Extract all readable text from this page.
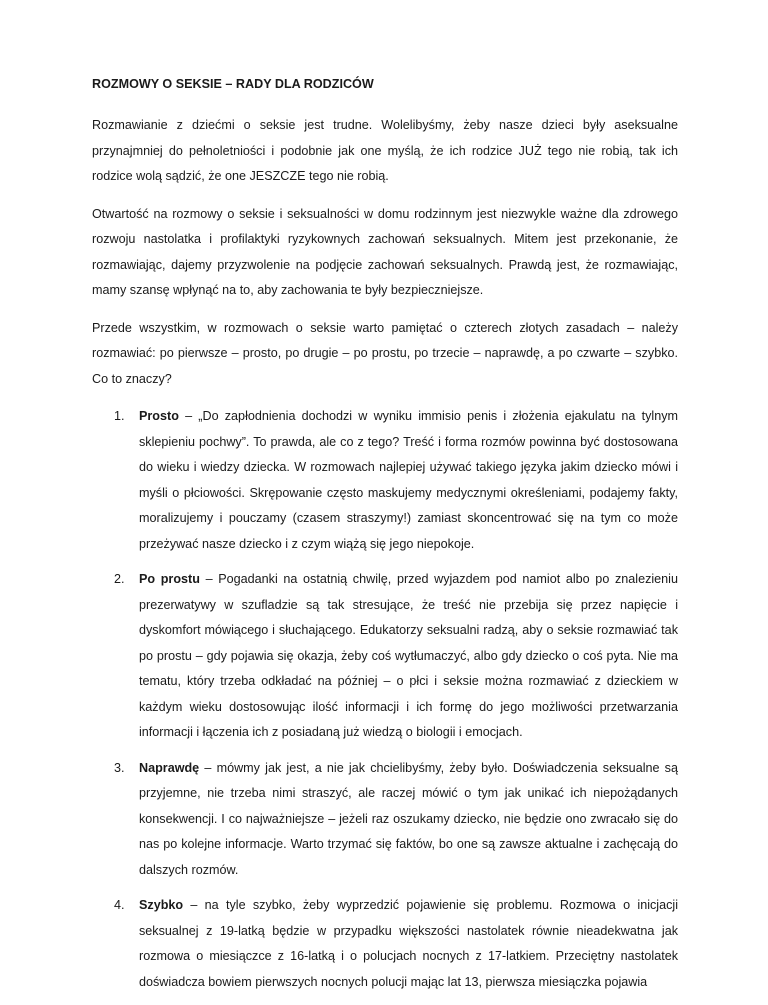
ROZMOWY O SEKSIE – RADY DLA RODZICÓW

Rozmawianie z dziećmi o seksie jest trudne. Wolelibyśmy, żeby nasze dzieci były aseksualne przynajmniej do pełnoletniości i podobnie jak one myślą, że ich rodzice JUŻ tego nie robią, tak ich rodzice wolą sądzić, że one JESZCZE tego nie robią.

Otwartość na rozmowy o seksie i seksualności w domu rodzinnym jest niezwykle ważne dla zdrowego rozwoju nastolatka i profilaktyki ryzykownych zachowań seksualnych. Mitem jest przekonanie, że rozmawiając, dajemy przyzwolenie na podjęcie zachowań seksualnych. Prawdą jest, że rozmawiając, mamy szansę wpłynąć na to, aby zachowania te były bezpieczniejsze.

Przede wszystkim, w rozmowach o seksie warto pamiętać o czterech złotych zasadach – należy rozmawiać: po pierwsze – prosto, po drugie – po prostu, po trzecie – naprawdę, a po czwarte – szybko. Co to znaczy?

1. Prosto – „Do zapłodnienia dochodzi w wyniku immisio penis i złożenia ejakulatu na tylnym sklepieniu pochwy”. To prawda, ale co z tego? Treść i forma rozmów powinna być dostosowana do wieku i wiedzy dziecka. W rozmowach najlepiej używać takiego języka jakim dziecko mówi i myśli o płciowości. Skrępowanie często maskujemy medycznymi określeniami, podajemy fakty, moralizujemy i pouczamy (czasem straszymy!) zamiast skoncentrować się na tym co może przeżywać nasze dziecko i z czym wiążą się jego niepokoje.
2. Po prostu – Pogadanki na ostatnią chwilę, przed wyjazdem pod namiot albo po znalezieniu prezerwatywy w szufladzie są tak stresujące, że treść nie przebija się przez napięcie i dyskomfort mówiącego i słuchającego. Edukatorzy seksualni radzą, aby o seksie rozmawiać tak po prostu – gdy pojawia się okazja, żeby coś wytłumaczyć, albo gdy dziecko o coś pyta. Nie ma tematu, który trzeba odkładać na później – o płci i seksie można rozmawiać z dzieckiem w każdym wieku dostosowując ilość informacji i ich formę do jego możliwości przetwarzania informacji i łączenia ich z posiadaną już wiedzą o biologii i emocjach.
3. Naprawdę – mówmy jak jest, a nie jak chcielibyśmy, żeby było. Doświadczenia seksualne są przyjemne, nie trzeba nimi straszyć, ale raczej mówić o tym jak unikać ich niepożądanych konsekwencji. I co najważniejsze – jeżeli raz oszukamy dziecko, nie będzie ono zwracało się do nas po kolejne informacje. Warto trzymać się faktów, bo one są zawsze aktualne i zachęcają do dalszych rozmów.
4. Szybko – na tyle szybko, żeby wyprzedzić pojawienie się problemu. Rozmowa o inicjacji seksualnej z 19-latką będzie w przypadku większości nastolatek równie nieadekwatna jak rozmowa o miesiączce z 16-latką i o polucjach nocnych z 17-latkiem. Przeciętny nastolatek doświadcza bowiem pierwszych nocnych polucji mając lat 13, pierwsza miesiączka pojawia
